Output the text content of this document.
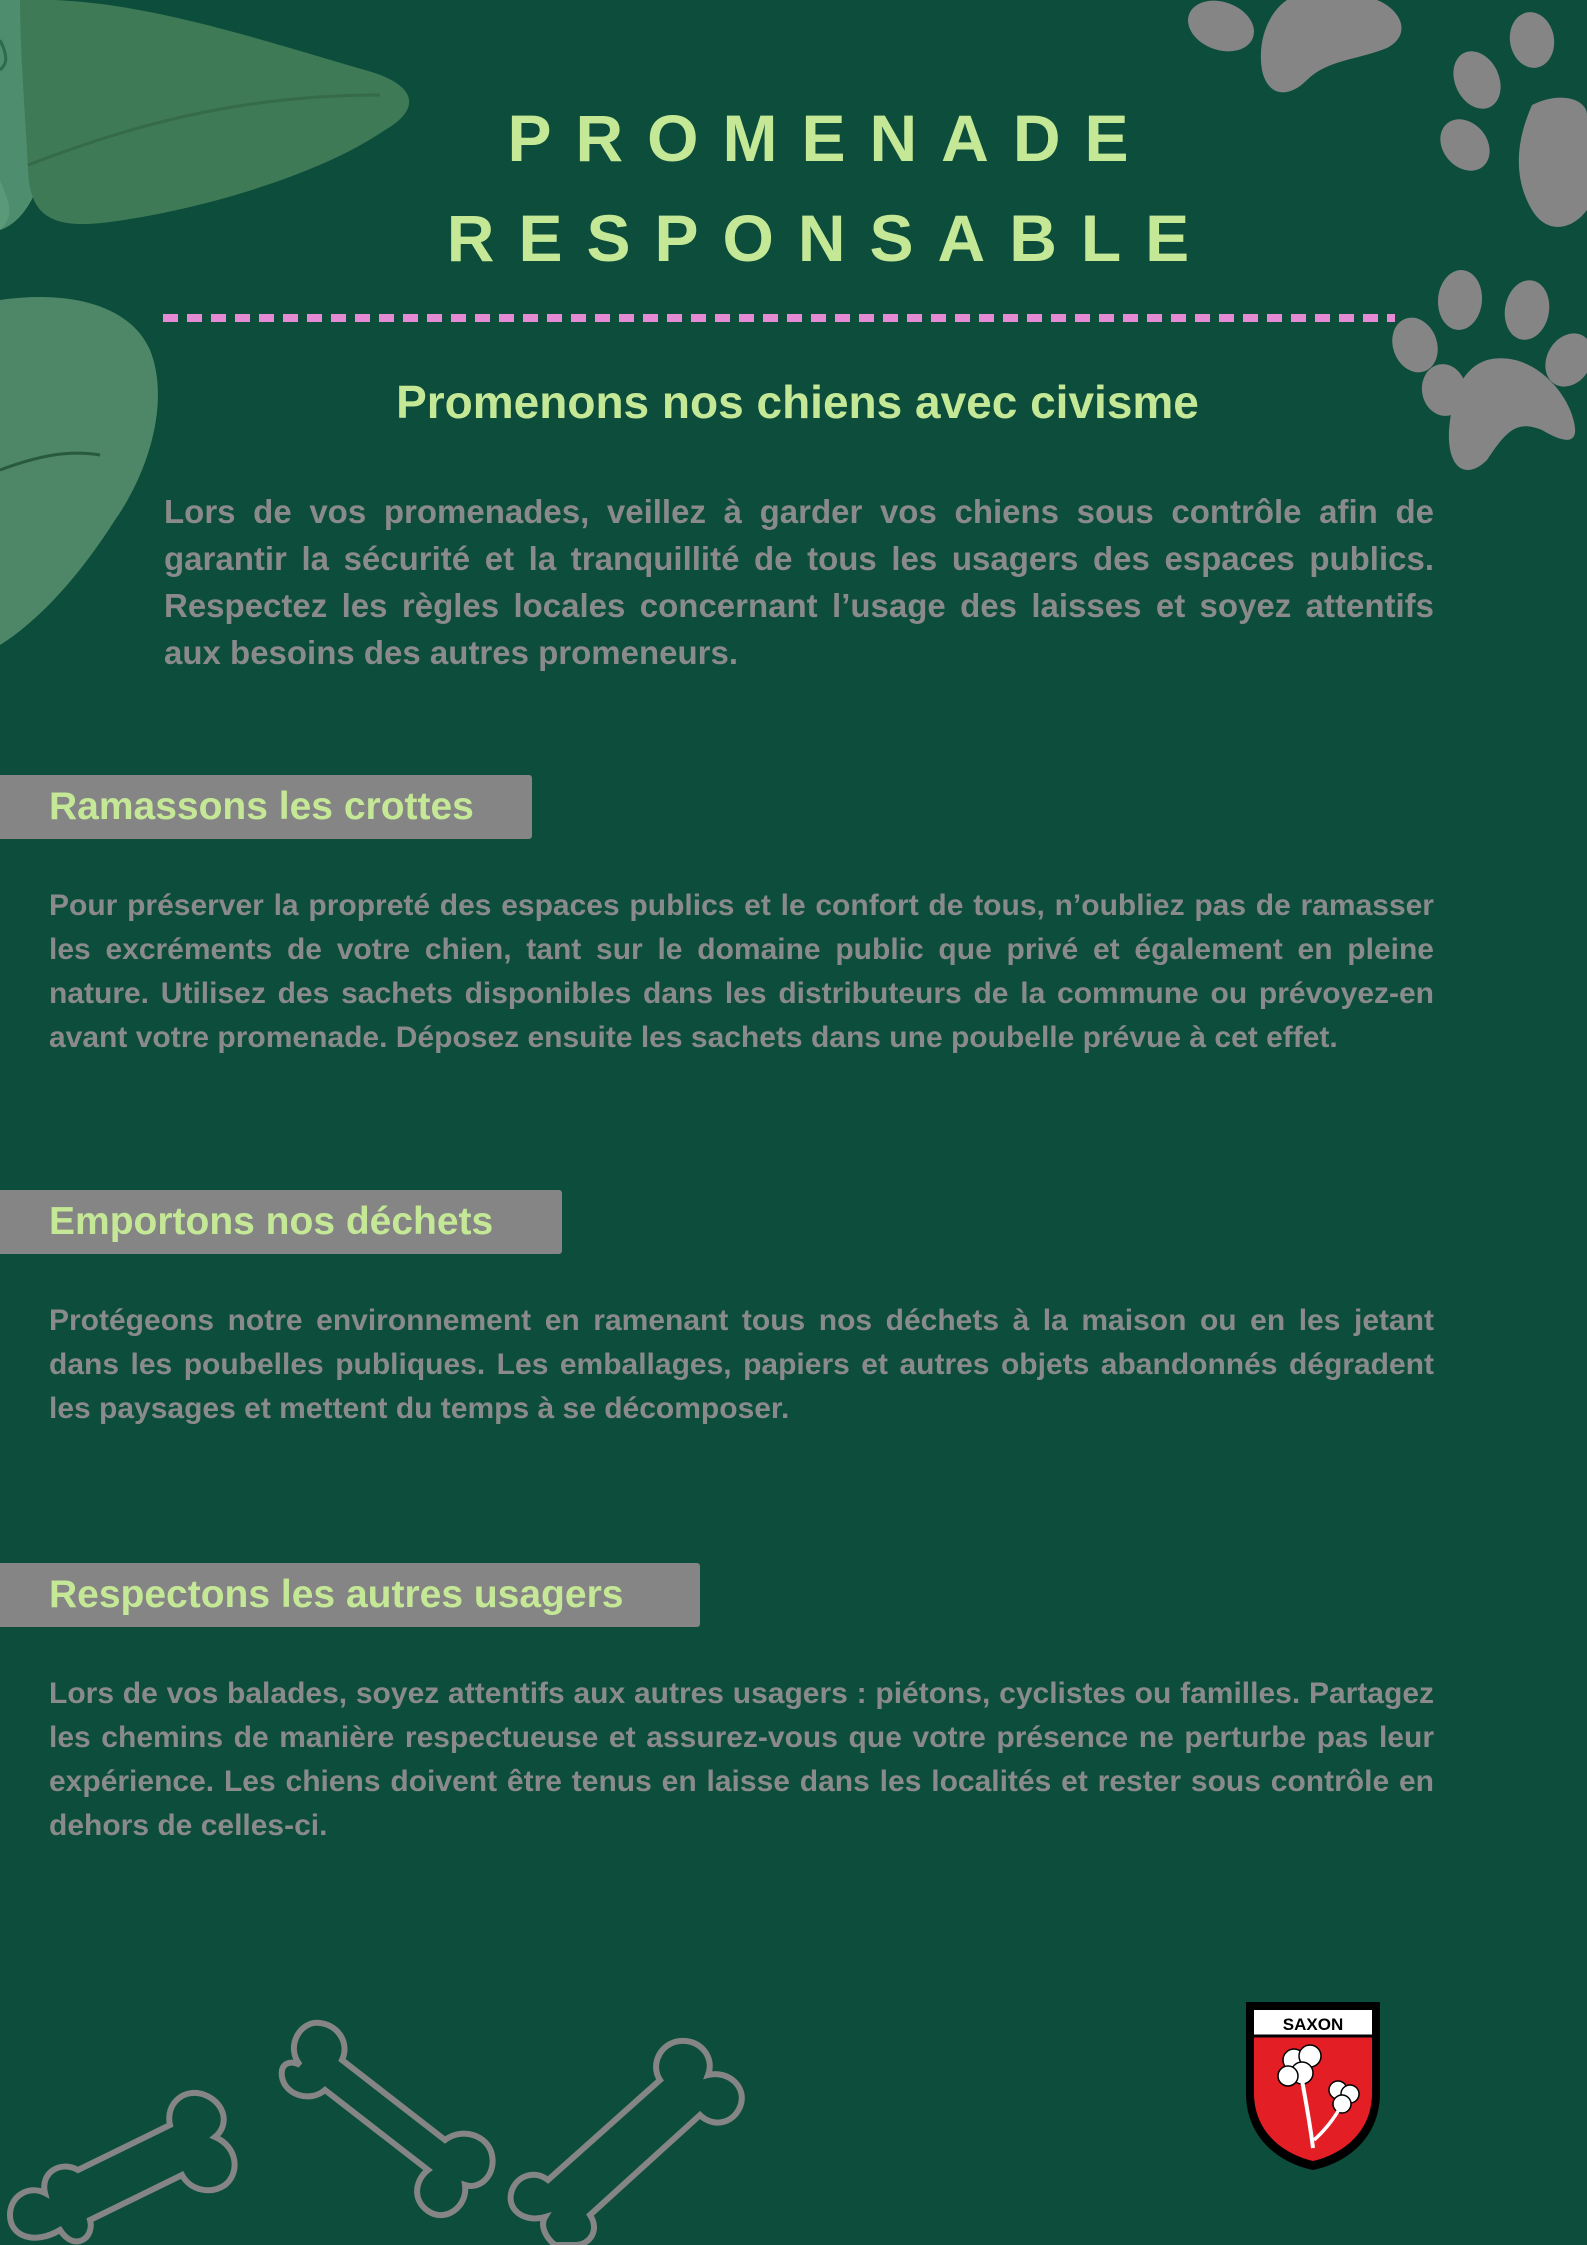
PROMENADE
RESPONSABLE
Promenons nos chiens avec civisme

Lors de vos promenades, veillez à garder vos chiens sous contrôle afin de garantir la sécurité et la tranquillité de tous les usagers des espaces publics. Respectez les règles locales concernant l’usage des laisses et soyez attentifs aux besoins des autres promeneurs.

Ramassons les crottes

Pour préserver la propreté des espaces publics et le confort de tous, n’oubliez pas de ramasser les excréments de votre chien, tant sur le domaine public que privé et également en pleine nature. Utilisez des sachets disponibles dans les distributeurs de la commune ou prévoyez-en avant votre promenade. Déposez ensuite les sachets dans une poubelle prévue à cet effet.

Emportons nos déchets

Protégeons notre environnement en ramenant tous nos déchets à la maison ou en les jetant dans les poubelles publiques. Les emballages, papiers et autres objets abandonnés dégradent les paysages et mettent du temps à se décomposer.

Respectons les autres usagers

Lors de vos balades, soyez attentifs aux autres usagers : piétons, cyclistes ou familles. Partagez les chemins de manière respectueuse et assurez-vous que votre présence ne perturbe pas leur expérience. Les chiens doivent être tenus en laisse dans les localités et rester sous contrôle en dehors de celles-ci.

SAXON
